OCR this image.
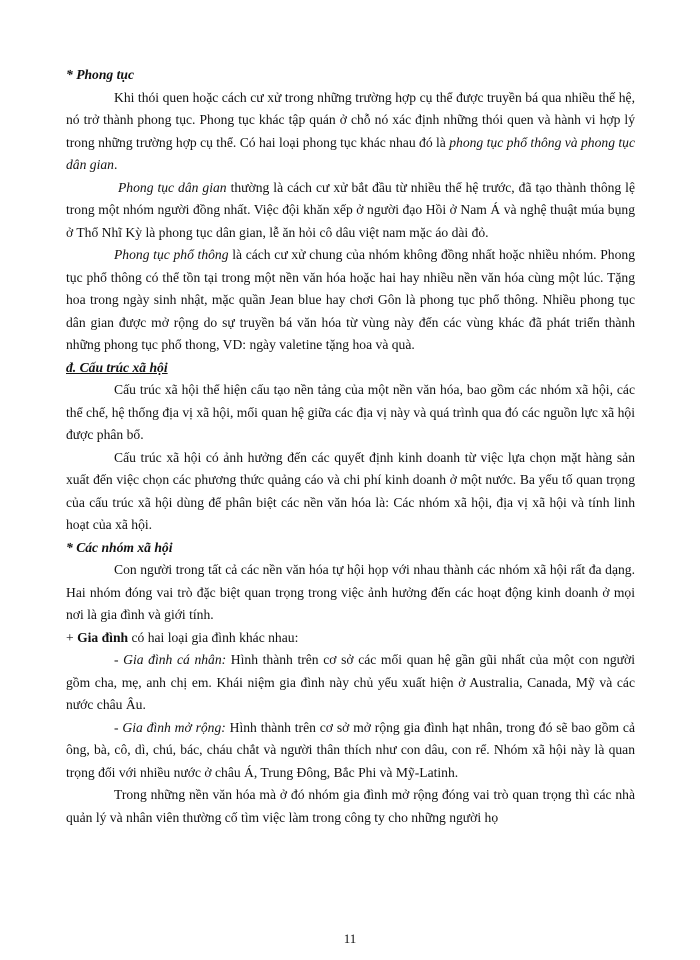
* Phong tục

Khi thói quen hoặc cách cư xử trong những trường hợp cụ thể được truyền bá qua nhiều thế hệ, nó trở thành phong tục. Phong tục khác tập quán ở chỗ nó xác định những thói quen và hành vi hợp lý trong những trường hợp cụ thể. Có hai loại phong tục khác nhau đó là phong tục phổ thông và phong tục dân gian.

Phong tục dân gian thường là cách cư xử bắt đầu từ nhiều thế hệ trước, đã tạo thành thông lệ trong một nhóm người đồng nhất. Việc đội khăn xếp ở người đạo Hồi ở Nam Á và nghệ thuật múa bụng ở Thổ Nhĩ Kỳ là phong tục dân gian, lễ ăn hỏi cô dâu việt nam mặc áo dài đỏ.

Phong tục phổ thông là cách cư xử chung của nhóm không đồng nhất hoặc nhiều nhóm. Phong tục phổ thông có thể tồn tại trong một nền văn hóa hoặc hai hay nhiều nền văn hóa cùng một lúc. Tặng hoa trong ngày sinh nhật, mặc quần Jean blue hay chơi Gôn là phong tục phổ thông. Nhiều phong tục dân gian được mở rộng do sự truyền bá văn hóa từ vùng này đến các vùng khác đã phát triển thành những phong tục phổ thong, VD: ngày valetine tặng hoa và quà.

đ. Cấu trúc xã hội

Cấu trúc xã hội thể hiện cấu tạo nền tảng của một nền văn hóa, bao gồm các nhóm xã hội, các thể chế, hệ thống địa vị xã hội, mối quan hệ giữa các địa vị này và quá trình qua đó các nguồn lực xã hội được phân bổ.

Cấu trúc xã hội có ảnh hưởng đến các quyết định kinh doanh từ việc lựa chọn mặt hàng sản xuất đến việc chọn các phương thức quảng cáo và chi phí kinh doanh ở một nước. Ba yếu tố quan trọng của cấu trúc xã hội dùng để phân biệt các nền văn hóa là: Các nhóm xã hội, địa vị xã hội và tính linh hoạt của xã hội.

* Các nhóm xã hội

Con người trong tất cả các nền văn hóa tự hội họp với nhau thành các nhóm xã hội rất đa dạng. Hai nhóm đóng vai trò đặc biệt quan trọng trong việc ảnh hưởng đến các hoạt động kinh doanh ở mọi nơi là gia đình và giới tính.

+ Gia đình có hai loại gia đình khác nhau:

- Gia đình cá nhân: Hình thành trên cơ sở các mối quan hệ gần gũi nhất của một con người gồm cha, mẹ, anh chị em. Khái niệm gia đình này chủ yếu xuất hiện ở Australia, Canada, Mỹ và các nước châu Âu.

- Gia đình mở rộng: Hình thành trên cơ sở mở rộng gia đình hạt nhân, trong đó sẽ bao gồm cả ông, bà, cô, dì, chú, bác, cháu chắt và người thân thích như con dâu, con rể. Nhóm xã hội này là quan trọng đối với nhiều nước ở châu Á, Trung Đông, Bắc Phi và Mỹ-Latinh.

Trong những nền văn hóa mà ở đó nhóm gia đình mở rộng đóng vai trò quan trọng thì các nhà quản lý và nhân viên thường cố tìm việc làm trong công ty cho những người họ

11
